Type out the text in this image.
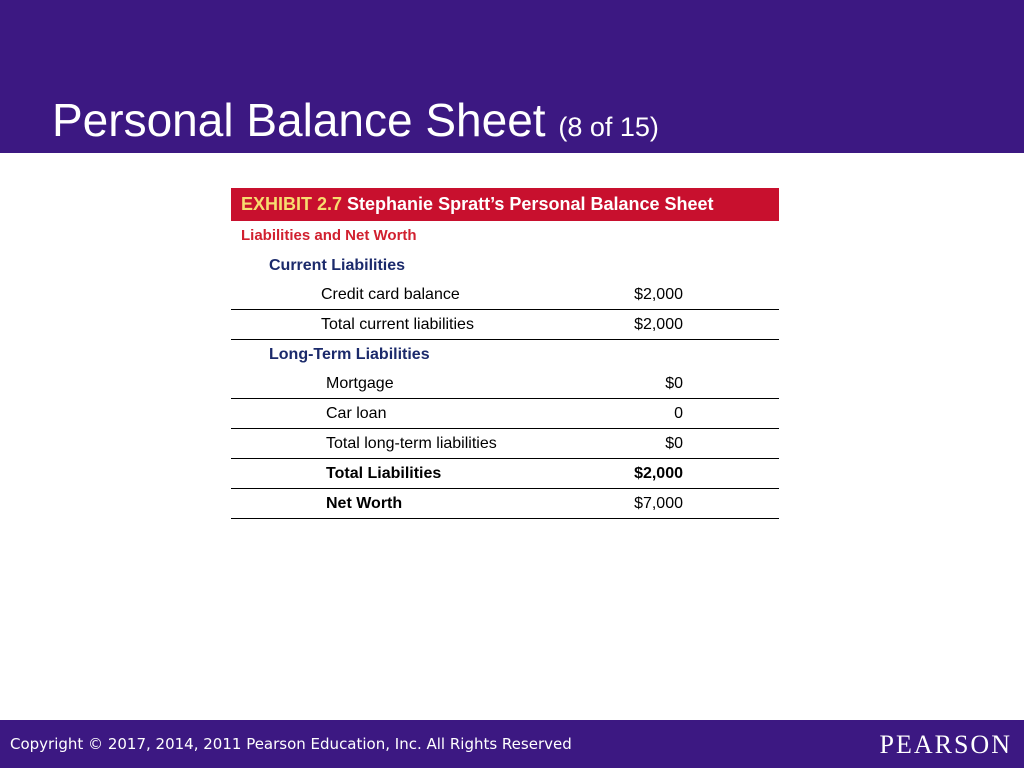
Personal Balance Sheet (8 of 15)
EXHIBIT 2.7 Stephanie Spratt’s Personal Balance Sheet
Liabilities and Net Worth
Current Liabilities
Credit card balance	$2,000
Total current liabilities	$2,000
Long-Term Liabilities
Mortgage	$0
Car loan	0
Total long-term liabilities	$0
Total Liabilities	$2,000
Net Worth	$7,000
Copyright © 2017, 2014, 2011 Pearson Education, Inc. All Rights Reserved	PEARSON
